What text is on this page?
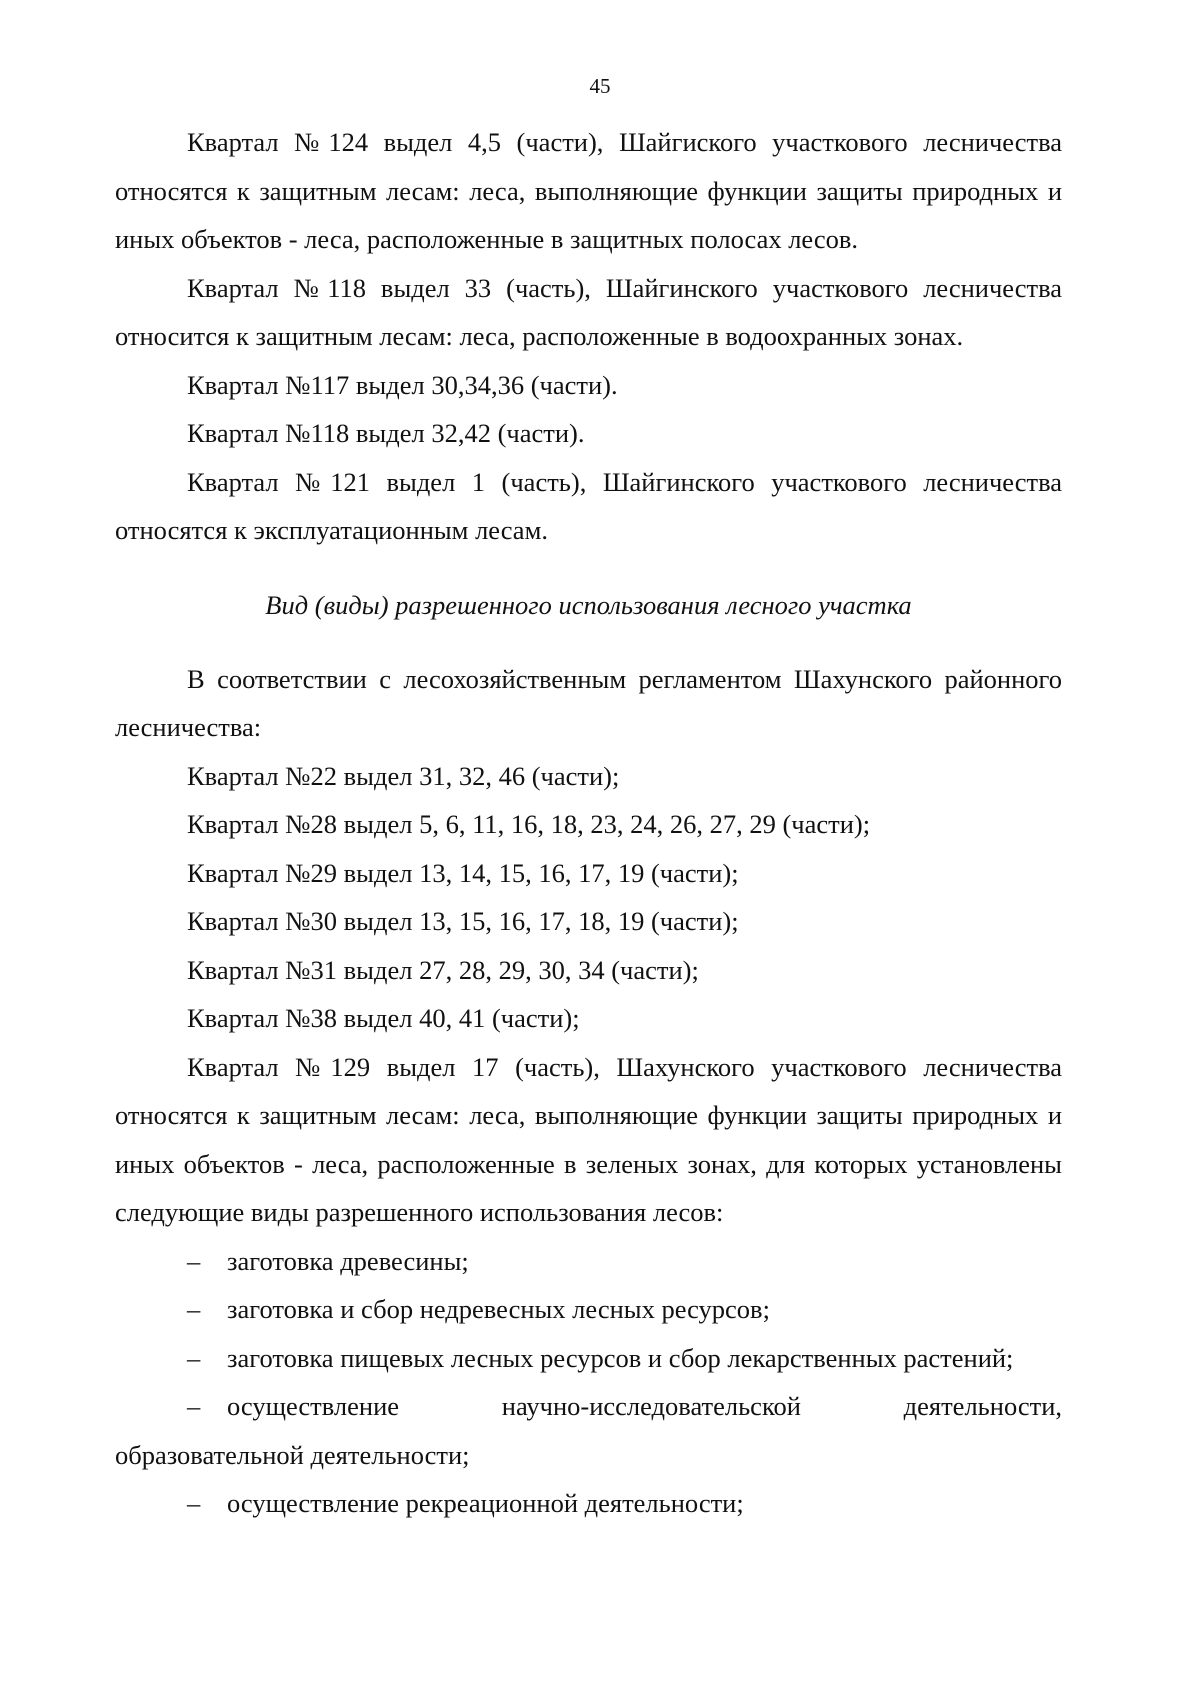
45

Квартал №124 выдел 4,5 (части), Шайгиского участкового лесничества относятся к защитным лесам: леса, выполняющие функции защиты природных и иных объектов - леса, расположенные в защитных полосах лесов.

Квартал №118 выдел 33 (часть), Шайгинского участкового лесничества относится к защитным лесам: леса, расположенные в водоохранных зонах.

Квартал №117 выдел 30,34,36 (части).

Квартал №118 выдел 32,42 (части).

Квартал №121 выдел 1 (часть), Шайгинского участкового лесничества относятся к эксплуатационным лесам.

Вид (виды) разрешенного использования лесного участка

В соответствии с лесохозяйственным регламентом Шахунского районного лесничества:

Квартал №22 выдел 31, 32, 46 (части);

Квартал №28 выдел 5, 6, 11, 16, 18, 23, 24, 26, 27, 29 (части);

Квартал №29 выдел 13, 14, 15, 16, 17, 19 (части);

Квартал №30 выдел 13, 15, 16, 17, 18, 19 (части);

Квартал №31 выдел 27, 28, 29, 30, 34 (части);

Квартал №38 выдел 40, 41 (части);

Квартал №129 выдел 17 (часть), Шахунского участкового лесничества относятся к защитным лесам: леса, выполняющие функции защиты природных и иных объектов - леса, расположенные в зеленых зонах, для которых установлены следующие виды разрешенного использования лесов:

– заготовка древесины;
– заготовка и сбор недревесных лесных ресурсов;
– заготовка пищевых лесных ресурсов и сбор лекарственных растений;
– осуществление научно-исследовательской деятельности, образовательной деятельности;
– осуществление рекреационной деятельности;
